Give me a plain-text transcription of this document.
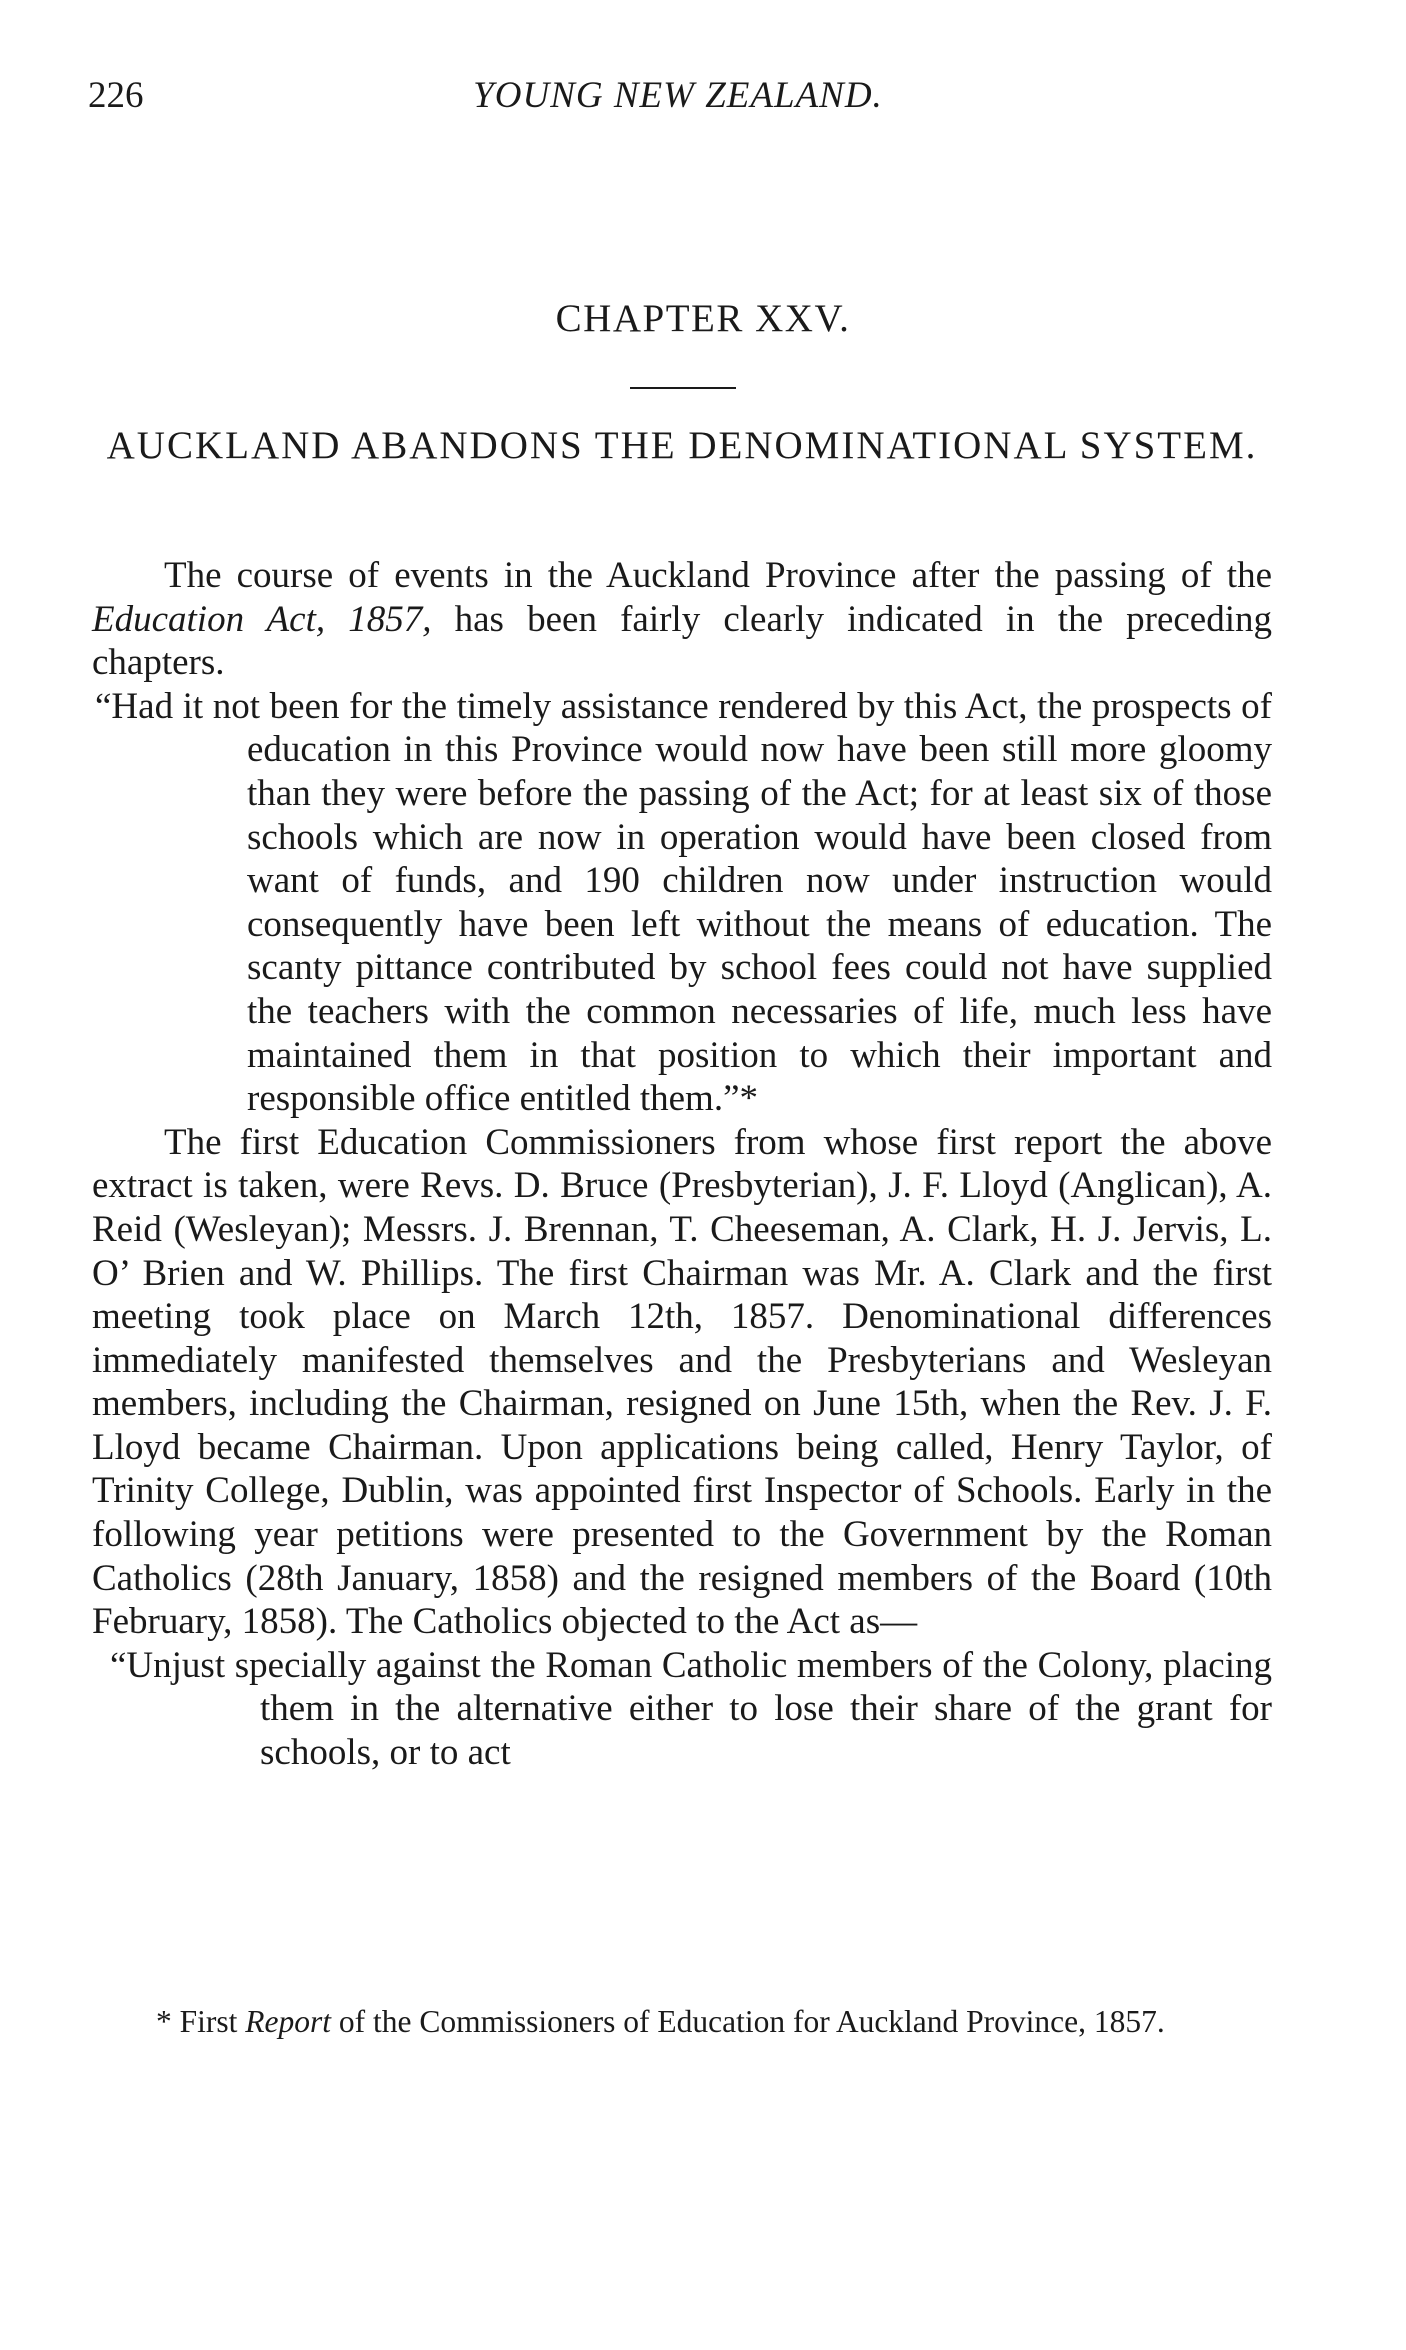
226	YOUNG NEW ZEALAND.
CHAPTER XXV.
AUCKLAND ABANDONS THE DENOMINATIONAL SYSTEM.

The course of events in the Auckland Province after the passing of the Education Act, 1857, has been fairly clearly indicated in the preceding chapters.

“Had it not been for the timely assistance rendered by this Act, the prospects of education in this Province would now have been still more gloomy than they were before the passing of the Act; for at least six of those schools which are now in operation would have been closed from want of funds, and 190 children now under instruction would consequently have been left without the means of education. The scanty pittance contributed by school fees could not have supplied the teachers with the common necessaries of life, much less have maintained them in that position to which their important and responsible office entitled them.”*

The first Education Commissioners from whose first report the above extract is taken, were Revs. D. Bruce (Presbyterian), J. F. Lloyd (Anglican), A. Reid (Wesleyan); Messrs. J. Brennan, T. Cheeseman, A. Clark, H. J. Jervis, L. O’ Brien and W. Phillips. The first Chairman was Mr. A. Clark and the first meeting took place on March 12th, 1857. Denominational differences immediately manifested themselves and the Presbyterians and Wesleyan members, including the Chairman, resigned on June 15th, when the Rev. J. F. Lloyd became Chairman. Upon applications being called, Henry Taylor, of Trinity College, Dublin, was appointed first Inspector of Schools. Early in the following year petitions were presented to the Government by the Roman Catholics (28th January, 1858) and the resigned members of the Board (10th February, 1858). The Catholics objected to the Act as—

“Unjust specially against the Roman Catholic members of the Colony, placing them in the alternative either to lose their share of the grant for schools, or to act

* First Report of the Commissioners of Education for Auckland Province, 1857.
